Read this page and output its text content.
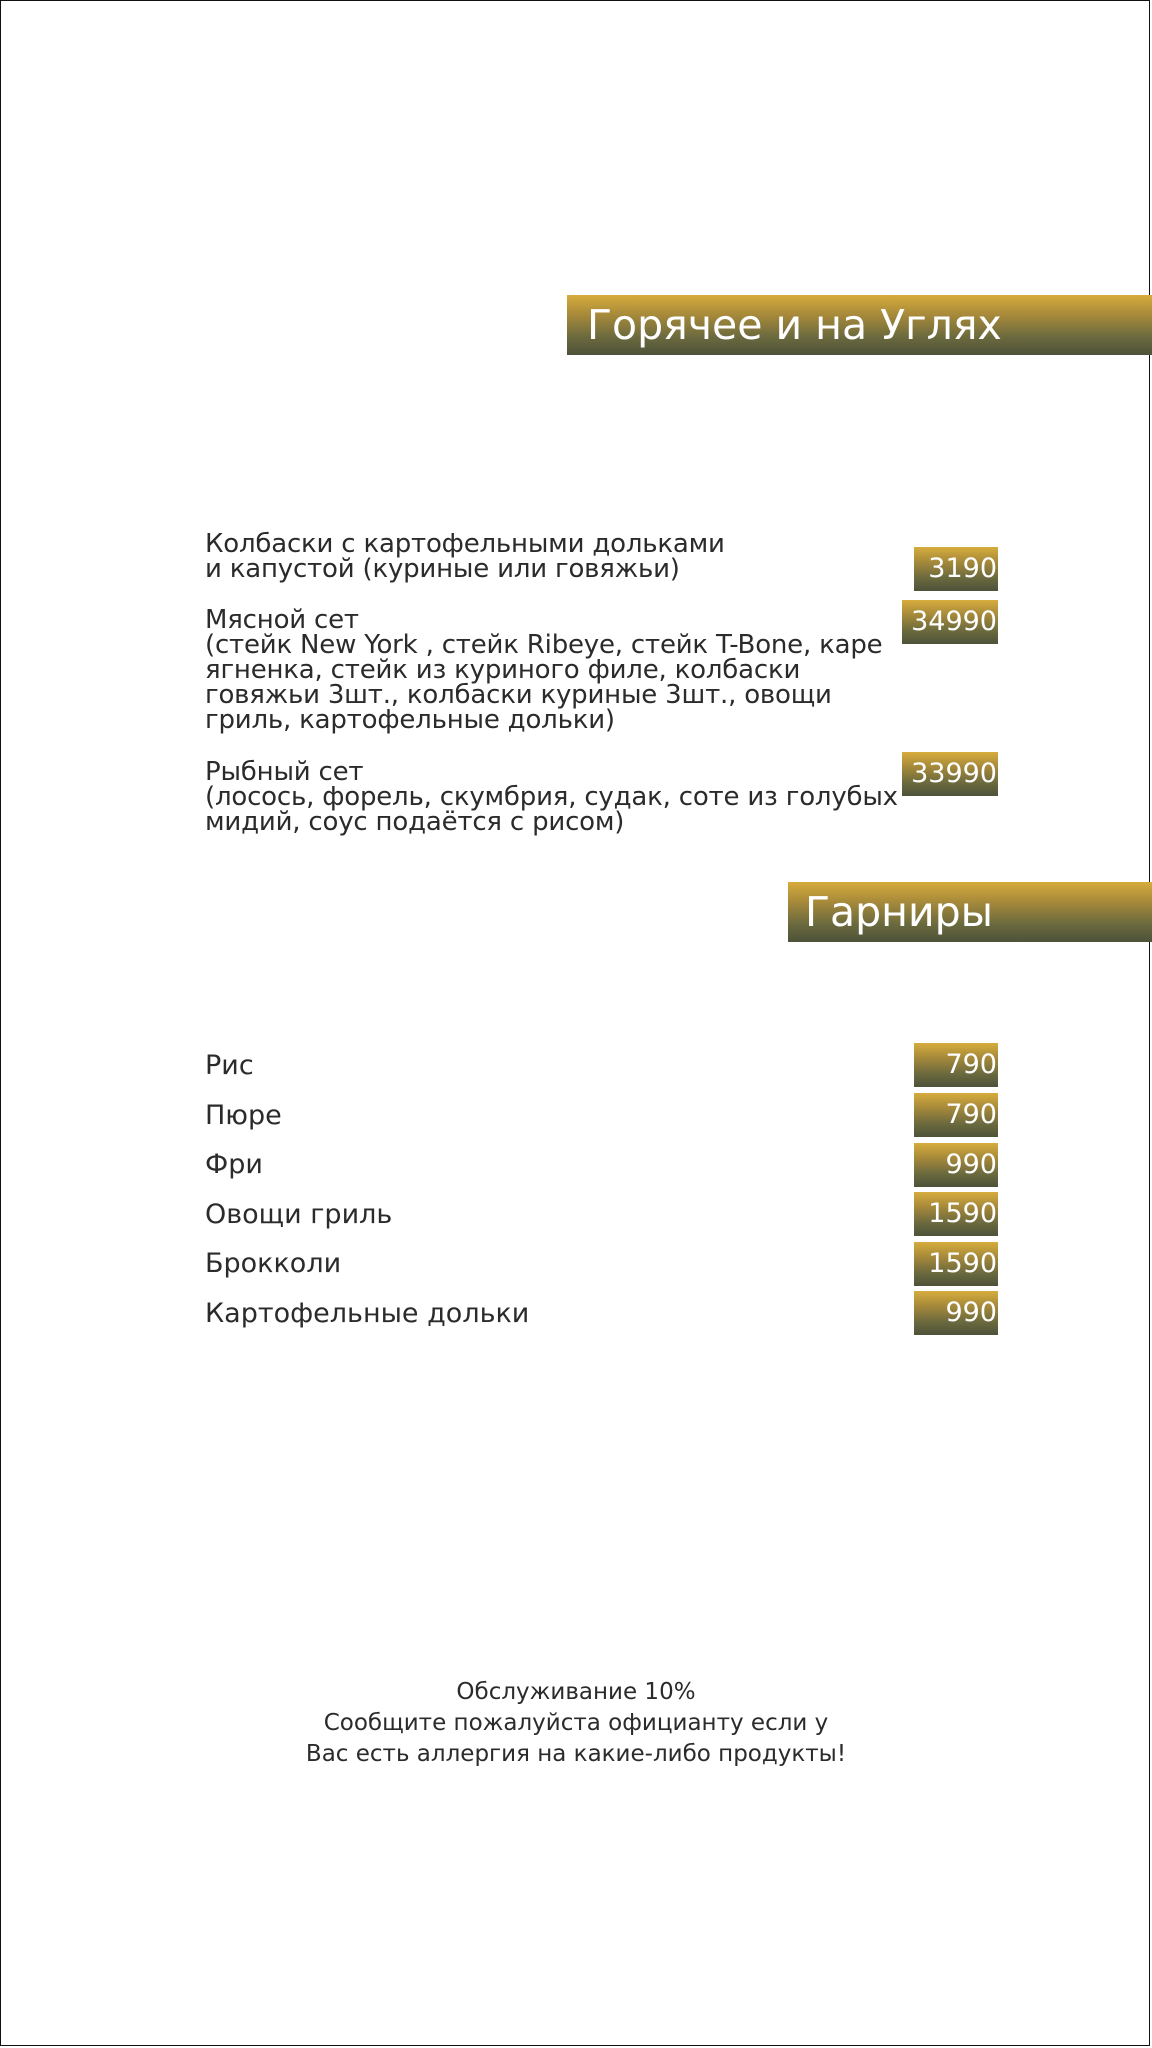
Горячее и на Углях
Колбаски с картофельными дольками
и капустой (куриные или говяжьи)	3190
Мясной сет
(стейк New York , стейк Ribeye, стейк T-Bone, каре
ягненка, стейк из куриного филе, колбаски
говяжьи 3шт., колбаски куриные 3шт., овощи
гриль, картофельные дольки)
34990
Рыбный сет
(лосось, форель, скумбрия, судак, соте из голубых
мидий, соус подаётся с рисом)
33990
Гарниры
Рис	790
Пюре	790
Фри	990
Овощи гриль	1590
Брокколи	1590
Картофельные дольки	990
Обслуживание 10%
Сообщите пожалуйста официанту если у
Вас есть аллергия на какие-либо продукты!
